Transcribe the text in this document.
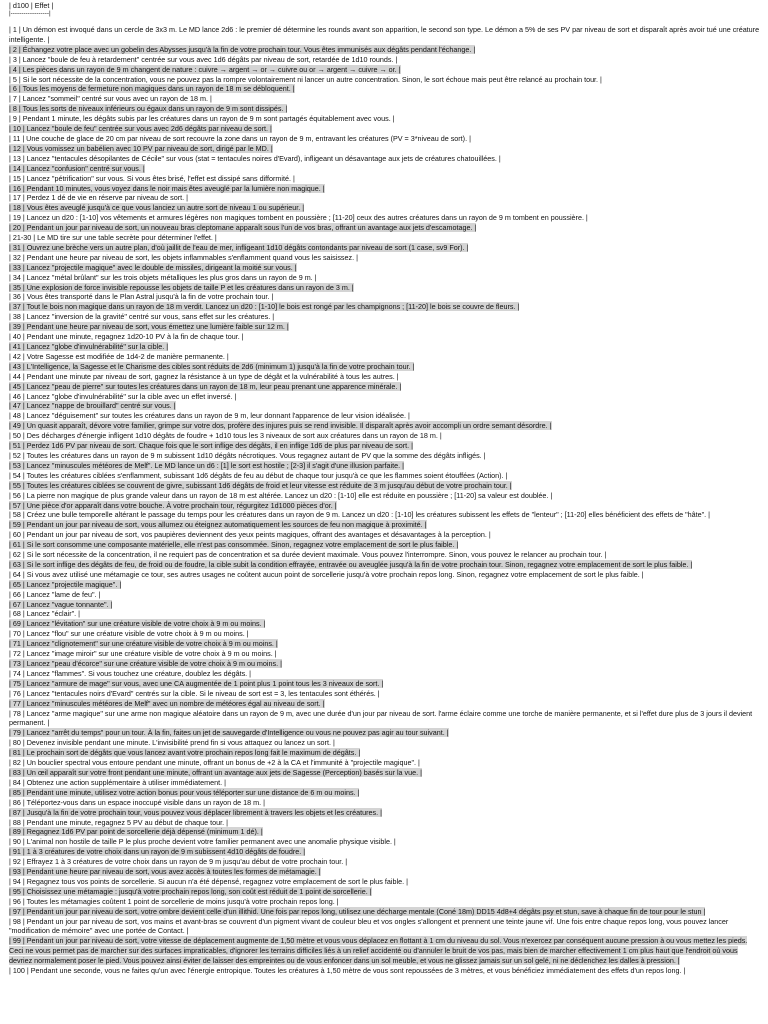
| d100 | Effet |
|------------------|
| 1 | Un démon est invoqué dans un cercle de 3x3 m. Le MD lance 2d6 : le premier dé détermine les rounds avant son apparition, le second son type. Le démon a 5% de ses PV par niveau de sort et disparaît après avoir tué une créature intelligente. |
| 2 | Échangez votre place avec un gobelin des Abysses jusqu'à la fin de votre prochain tour. Vous êtes immunisés aux dégâts pendant l'échange. |
| 3 | Lancez "boule de feu à retardement" centrée sur vous avec 1d6 dégâts par niveau de sort, retardée de 1d10 rounds. |
| 4 | Les pièces dans un rayon de 9 m changent de nature : cuivre → argent → or → cuivre ou or → argent → cuivre → or. |
| 5 | Si le sort nécessite de la concentration, vous ne pouvez pas la rompre volontairement ni lancer un autre concentration. Sinon, le sort échoue mais peut être relancé au prochain tour. |
| 6 | Tous les moyens de fermeture non magiques dans un rayon de 18 m se débloquent. |
| 7 | Lancez "sommeil" centré sur vous avec un rayon de 18 m. |
| 8 | Tous les sorts de niveaux inférieurs ou égaux dans un rayon de 9 m sont dissipés. |
| 9 | Pendant 1 minute, les dégâts subis par les créatures dans un rayon de 9 m sont partagés équitablement avec vous. |
| 10 | Lancez "boule de feu" centrée sur vous avec 2d6 dégâts par niveau de sort. |
| 11 | Une couche de glace de 20 cm par niveau de sort recouvre la zone dans un rayon de 9 m, entravant les créatures (PV = 3*niveau de sort). |
| 12 | Vous vomissez un babélien avec 10 PV par niveau de sort, dirigé par le MD. |
| 13 | Lancez "tentacules désopilantes de Cécile" sur vous (stat = tentacules noires d'Evard), infligeant un désavantage aux jets de créatures chatouillées. |
| 14 | Lancez "confusion" centré sur vous. |
| 15 | Lancez "pétrification" sur vous. Si vous êtes brisé, l'effet est dissipé sans difformité. |
| 16 | Pendant 10 minutes, vous voyez dans le noir mais êtes aveuglé par la lumière non magique. |
| 17 | Perdez 1 dé de vie en réserve par niveau de sort. |
| 18 | Vous êtes aveuglé jusqu'à ce que vous lanciez un autre sort de niveau 1 ou supérieur. |
| 19 | Lancez un d20 : [1-10] vos vêtements et armures légères non magiques tombent en poussière ; [11-20] ceux des autres créatures dans un rayon de 9 m tombent en poussière. |
| 20 | Pendant un jour par niveau de sort, un nouveau bras cleptomane apparaît sous l'un de vos bras, offrant un avantage aux jets d'escamotage. |
| 21-30 | Le MD tire sur une table secrète pour déterminer l'effet. |
| 31 | Ouvrez une brèche vers un autre plan, d'où jaillit de l'eau de mer, infligeant 1d10 dégâts contondants par niveau de sort (1 case, sv9 For). |
| 32 | Pendant une heure par niveau de sort, les objets inflammables s'enflamment quand vous les saisissez. |
| 33 | Lancez "projectile magique" avec le double de missiles, dirigeant la moitié sur vous. |
| 34 | Lancez "métal brûlant" sur les trois objets métalliques les plus gros dans un rayon de 9 m. |
| 35 | Une explosion de force invisible repousse les objets de taille P et les créatures dans un rayon de 3 m. |
| 36 | Vous êtes transporté dans le Plan Astral jusqu'à la fin de votre prochain tour. |
| 37 | Tout le bois non magique dans un rayon de 18 m verdit. Lancez un d20 : [1-10] le bois est rongé par les champignons ; [11-20] le bois se couvre de fleurs. |
| 38 | Lancez "inversion de la gravité" centré sur vous, sans effet sur les créatures. |
| 39 | Pendant une heure par niveau de sort, vous émettez une lumière faible sur 12 m. |
| 40 | Pendant une minute, regagnez 1d20-10 PV à la fin de chaque tour. |
| 41 | Lancez "globe d'invulnérabilité" sur la cible. |
| 42 | Votre Sagesse est modifiée de 1d4-2 de manière permanente. |
| 43 | L'Intelligence, la Sagesse et le Charisme des cibles sont réduits de 2d6 (minimum 1) jusqu'à la fin de votre prochain tour. |
| 44 | Pendant une minute par niveau de sort, gagnez la résistance à un type de dégât et la vulnérabilité à tous les autres. |
| 45 | Lancez "peau de pierre" sur toutes les créatures dans un rayon de 18 m, leur peau prenant une apparence minérale. |
| 46 | Lancez "globe d'invulnérabilité" sur la cible avec un effet inversé. |
| 47 | Lancez "nappe de brouillard" centré sur vous. |
| 48 | Lancez "déguisement" sur toutes les créatures dans un rayon de 9 m, leur donnant l'apparence de leur vision idéalisée. |
| 49 | Un quasit apparaît, dévore votre familier, grimpe sur votre dos, profère des injures puis se rend invisible. Il disparaît après avoir accompli un ordre semant désordre. |
| 50 | Des décharges d'énergie infligent 1d10 dégâts de foudre + 1d10 tous les 3 niveaux de sort aux créatures dans un rayon de 18 m. |
| 51 | Perdez 1d6 PV par niveau de sort. Chaque fois que le sort inflige des dégâts, il en inflige 1d6 de plus par niveau de sort. |
| 52 | Toutes les créatures dans un rayon de 9 m subissent 1d10 dégâts nécrotiques. Vous regagnez autant de PV que la somme des dégâts infligés. |
| 53 | Lancez "minuscules météores de Melf". Le MD lance un d6 : [1] le sort est hostile ; [2-3] il s'agit d'une illusion parfaite. |
| 54 | Toutes les créatures ciblées s'enflamment, subissant 1d6 dégâts de feu au début de chaque tour jusqu'à ce que les flammes soient étouffées (Action). |
| 55 | Toutes les créatures ciblées se couvrent de givre, subissant 1d6 dégâts de froid et leur vitesse est réduite de 3 m jusqu'au début de votre prochain tour. |
| 56 | La pierre non magique de plus grande valeur dans un rayon de 18 m est altérée. Lancez un d20 : [1-10] elle est réduite en poussière ; [11-20] sa valeur est doublée. |
| 57 | Une pièce d'or apparaît dans votre bouche. À votre prochain tour, régurgitez 1d1000 pièces d'or. |
| 58 | Créez une bulle temporelle altérant le passage du temps pour les créatures dans un rayon de 9 m. Lancez un d20 : [1-10] les créatures subissent les effets de "lenteur" ; [11-20] elles bénéficient des effets de "hâte". |
| 59 | Pendant un jour par niveau de sort, vous allumez ou éteignez automatiquement les sources de feu non magique à proximité. |
| 60 | Pendant un jour par niveau de sort, vos paupières deviennent des yeux peints magiques, offrant des avantages et désavantages à la perception. |
| 61 | Si le sort consomme une composante matérielle, elle n'est pas consommée. Sinon, regagnez votre emplacement de sort le plus faible. |
| 62 | Si le sort nécessite de la concentration, il ne requiert pas de concentration et sa durée devient maximale. Vous pouvez l'interrompre. Sinon, vous pouvez le relancer au prochain tour. |
| 63 | Si le sort inflige des dégâts de feu, de froid ou de foudre, la cible subit la condition effrayée, entravée ou aveuglée jusqu'à la fin de votre prochain tour. Sinon, regagnez votre emplacement de sort le plus faible. |
| 64 | Si vous avez utilisé une métamagie ce tour, ses autres usages ne coûtent aucun point de sorcellerie jusqu'à votre prochain repos long. Sinon, regagnez votre emplacement de sort le plus faible. |
| 65 | Lancez "projectile magique". |
| 66 | Lancez "lame de feu". |
| 67 | Lancez "vague tonnante". |
| 68 | Lancez "éclair". |
| 69 | Lancez "lévitation" sur une créature visible de votre choix à 9 m ou moins. |
| 70 | Lancez "flou" sur une créature visible de votre choix à 9 m ou moins. |
| 71 | Lancez "clignotement" sur une créature visible de votre choix à 9 m ou moins. |
| 72 | Lancez "image miroir" sur une créature visible de votre choix à 9 m ou moins. |
| 73 | Lancez "peau d'écorce" sur une créature visible de votre choix à 9 m ou moins. |
| 74 | Lancez "flammes". Si vous touchez une créature, doublez les dégâts. |
| 75 | Lancez "armure de mage" sur vous, avec une CA augmentée de 1 point plus 1 point tous les 3 niveaux de sort. |
| 76 | Lancez "tentacules noirs d'Evard" centrés sur la cible. Si le niveau de sort est = 3, les tentacules sont éthérés. |
| 77 | Lancez "minuscules météores de Melf" avec un nombre de météores égal au niveau de sort. |
| 78 | Lancez "arme magique" sur une arme non magique aléatoire dans un rayon de 9 m, avec une durée d'un jour par niveau de sort. l'arme éclaire comme une torche de manière permanente, et si l'effet dure plus de 3 jours il devient permanent. |
| 79 | Lancez "arrêt du temps" pour un tour. À la fin, faites un jet de sauvegarde d'Intelligence ou vous ne pouvez pas agir au tour suivant. |
| 80 | Devenez invisible pendant une minute. L'invisibilité prend fin si vous attaquez ou lancez un sort. |
| 81 | Le prochain sort de dégâts que vous lancez avant votre prochain repos long fait le maximum de dégâts. |
| 82 | Un bouclier spectral vous entoure pendant une minute, offrant un bonus de +2 à la CA et l'immunité à "projectile magique". |
| 83 | Un œil apparaît sur votre front pendant une minute, offrant un avantage aux jets de Sagesse (Perception) basés sur la vue. |
| 84 | Obtenez une action supplémentaire à utiliser immédiatement. |
| 85 | Pendant une minute, utilisez votre action bonus pour vous téléporter sur une distance de 6 m ou moins. |
| 86 | Téléportez-vous dans un espace inoccupé visible dans un rayon de 18 m. |
| 87 | Jusqu'à la fin de votre prochain tour, vous pouvez vous déplacer librement à travers les objets et les créatures. |
| 88 | Pendant une minute, regagnez 5 PV au début de chaque tour. |
| 89 | Regagnez 1d6 PV par point de sorcellerie déjà dépensé (minimum 1 dé). |
| 90 | L'animal non hostile de taille P le plus proche devient votre familier permanent avec une anomalie physique visible. |
| 91 | 1 à 3 créatures de votre choix dans un rayon de 9 m subissent 4d10 dégâts de foudre. |
| 92 | Effrayez 1 à 3 créatures de votre choix dans un rayon de 9 m jusqu'au début de votre prochain tour. |
| 93 | Pendant une heure par niveau de sort, vous avez accès à toutes les formes de métamagie. |
| 94 | Regagnez tous vos points de sorcellerie. Si aucun n'a été dépensé, regagnez votre emplacement de sort le plus faible. |
| 95 | Choisissez une métamagie : jusqu'à votre prochain repos long, son coût est réduit de 1 point de sorcellerie. |
| 96 | Toutes les métamagies coûtent 1 point de sorcellerie de moins jusqu'à votre prochain repos long. |
| 97 | Pendant un jour par niveau de sort, votre ombre devient celle d'un illithid. Une fois par repos long, utilisez une décharge mentale (Coné 18m) DD15 4d8+4 dégâts psy et stun, save à chaque fin de tour pour le stun |
| 98 | Pendant un jour par niveau de sort, vos mains et avant-bras se couvrent d'un pigment vivant de couleur bleu et vos ongles s'allongent et prennent une teinte jaune vif. Une fois entre chaque repos long, vous pouvez lancer "modification de mémoire" avec une portée de Contact. |
| 99 | Pendant un jour par niveau de sort, votre vitesse de déplacement augmente de 1,50 mètre et vous vous déplacez en flottant à 1 cm du niveau du sol. Vous n'exercez par conséquent aucune pression à ou vous mettez les pieds. Ceci ne vous permet pas de marcher sur des surfaces impraticables, d'ignorer les terrains difficiles liés à un relief accidenté ou d'annuler le bruit de vos pas, mais bien de marcher effectivement 1 cm plus haut que l'endroit où vous devriez normalement poser le pied. Vous pouvez ainsi éviter de laisser des empreintes ou de vous enfoncer dans un sol meuble, et vous ne glissez jamais sur un sol gelé, ni ne déclenchez les dalles à pression. |
| 100 | Pendant une seconde, vous ne faites qu'un avec l'énergie entropique. Toutes les créatures à 1,50 mètre de vous sont repoussées de 3 mètres, et vous bénéficiez immédiatement des effets d'un repos long. |
